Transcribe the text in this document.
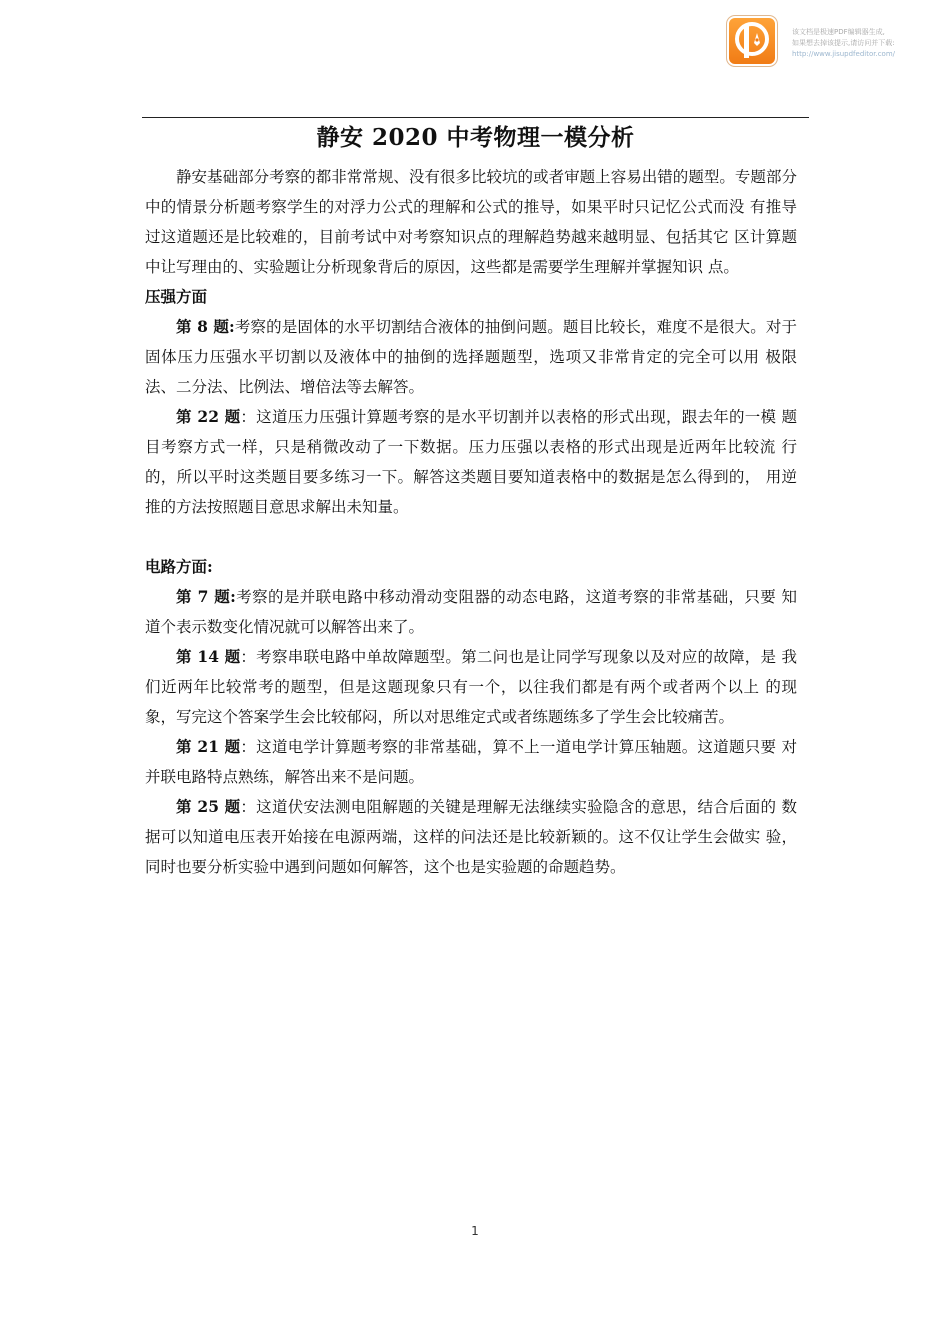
该文档是极速PDF编辑器生成,
如果想去掉该提示,请访问并下载:
http://www.jisupdfeditor.com/
静安 2020 中考物理一模分析

静安基础部分考察的都非常常规、没有很多比较坑的或者审题上容易出错的题型。专题部分中的情景分析题考察学生的对浮力公式的理解和公式的推导，如果平时只记忆公式而没 有推导过这道题还是比较难的，目前考试中对考察知识点的理解趋势越来越明显、包括其它 区计算题中让写理由的、实验题让分析现象背后的原因，这些都是需要学生理解并掌握知识 点。

压强方面

第 8 题:考察的是固体的水平切割结合液体的抽倒问题。题目比较长，难度不是很大。对于固体压力压强水平切割以及液体中的抽倒的选择题题型，选项又非常肯定的完全可以用 极限法、二分法、比例法、增倍法等去解答。

第 22 题：这道压力压强计算题考察的是水平切割并以表格的形式出现，跟去年的一模 题目考察方式一样，只是稍微改动了一下数据。压力压强以表格的形式出现是近两年比较流 行的，所以平时这类题目要多练习一下。解答这类题目要知道表格中的数据是怎么得到的， 用逆推的方法按照题目意思求解出未知量。

电路方面:

第 7 题:考察的是并联电路中移动滑动变阻器的动态电路，这道考察的非常基础，只要 知道个表示数变化情况就可以解答出来了。

第 14 题：考察串联电路中单故障题型。第二问也是让同学写现象以及对应的故障，是 我们近两年比较常考的题型，但是这题现象只有一个，以往我们都是有两个或者两个以上 的现象，写完这个答案学生会比较郁闷，所以对思维定式或者练题练多了学生会比较痛苦。

第 21 题：这道电学计算题考察的非常基础，算不上一道电学计算压轴题。这道题只要 对并联电路特点熟练，解答出来不是问题。

第 25 题：这道伏安法测电阻解题的关键是理解无法继续实验隐含的意思，结合后面的 数据可以知道电压表开始接在电源两端，这样的问法还是比较新颖的。这不仅让学生会做实 验，同时也要分析实验中遇到问题如何解答，这个也是实验题的命题趋势。

1
